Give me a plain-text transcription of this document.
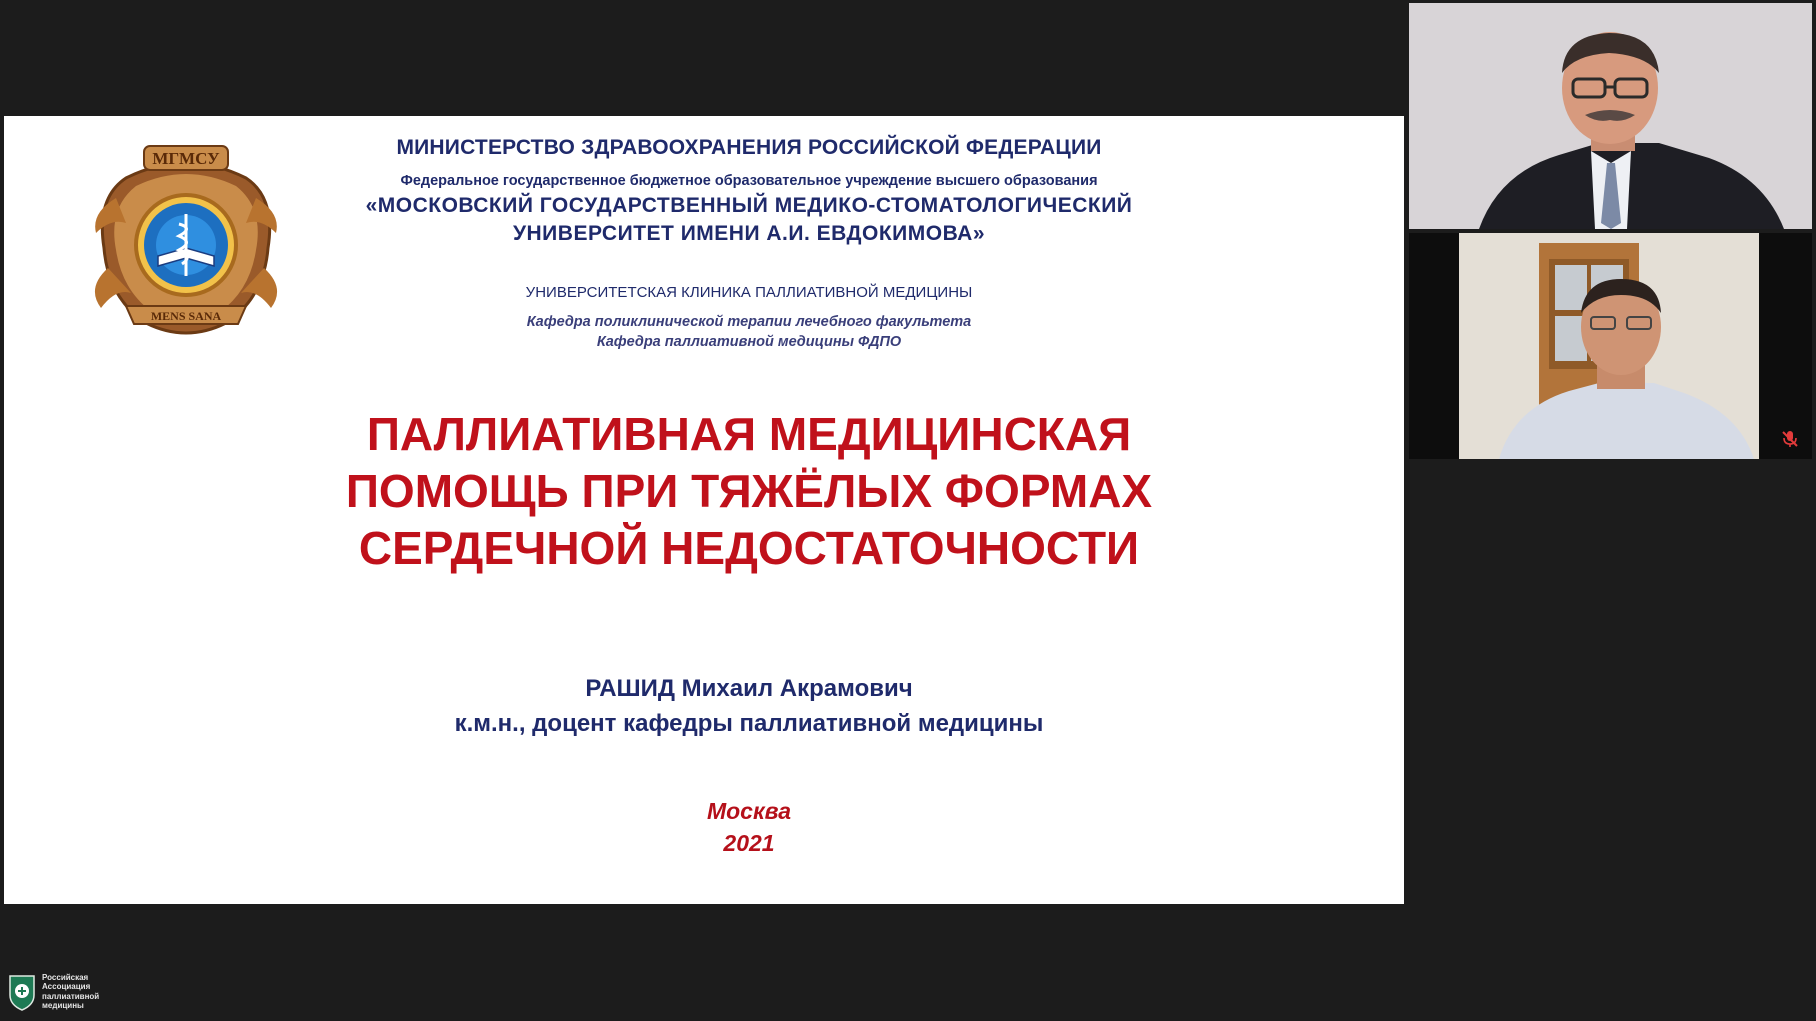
МГМСУ
MENS SANA
МИНИСТЕРСТВО ЗДРАВООХРАНЕНИЯ РОССИЙСКОЙ ФЕДЕРАЦИИ
Федеральное государственное бюджетное образовательное учреждение высшего образования
«МОСКОВСКИЙ ГОСУДАРСТВЕННЫЙ МЕДИКО-СТОМАТОЛОГИЧЕСКИЙ
УНИВЕРСИТЕТ ИМЕНИ А.И. ЕВДОКИМОВА»
УНИВЕРСИТЕТСКАЯ КЛИНИКА ПАЛЛИАТИВНОЙ МЕДИЦИНЫ
Кафедра поликлинической терапии лечебного факультета
Кафедра паллиативной медицины ФДПО
ПАЛЛИАТИВНАЯ МЕДИЦИНСКАЯ
ПОМОЩЬ ПРИ ТЯЖЁЛЫХ ФОРМАХ
СЕРДЕЧНОЙ НЕДОСТАТОЧНОСТИ
РАШИД Михаил Акрамович
к.м.н., доцент кафедры паллиативной медицины
Москва
2021
Российская
Ассоциация
паллиативной
медицины
